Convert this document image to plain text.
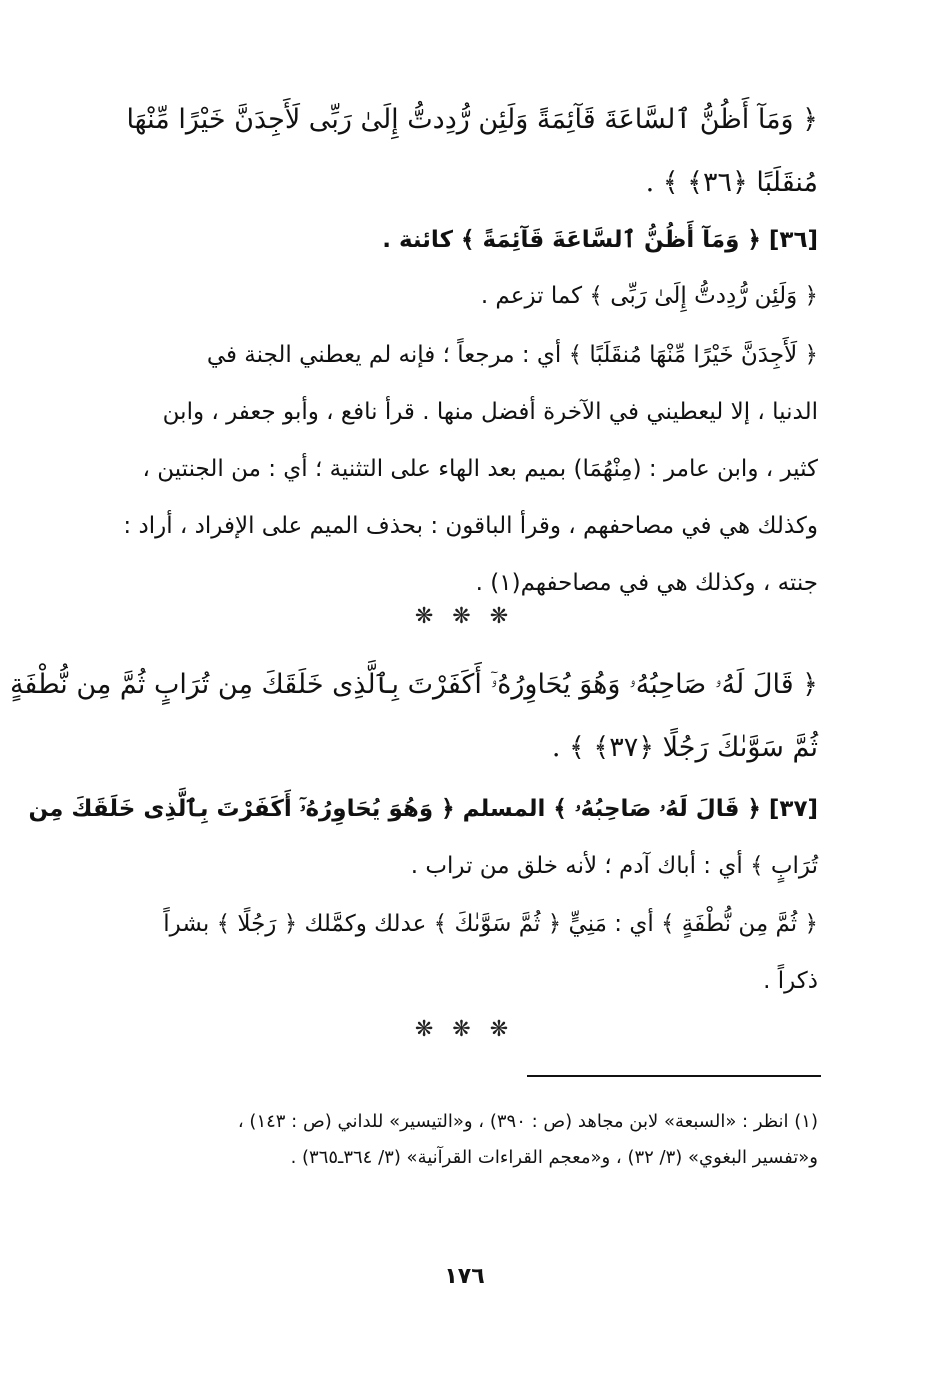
﴿ وَمَآ أَظُنُّ ٱلسَّاعَةَ قَآئِمَةً وَلَئِن رُّدِدتُّ إِلَىٰ رَبِّى لَأَجِدَنَّ خَيْرًا مِّنْهَا
مُنقَلَبًا ﴿٣٦﴾ ﴾ .

[٣٦] ﴿ وَمَآ أَظُنُّ ٱلسَّاعَةَ قَآئِمَةً ﴾ كائنة .

﴿ وَلَئِن رُّدِدتُّ إِلَىٰ رَبِّى ﴾ كما تزعم .

﴿ لَأَجِدَنَّ خَيْرًا مِّنْهَا مُنقَلَبًا ﴾ أي : مرجعاً ؛ فإنه لم يعطني الجنة في
الدنيا ، إلا ليعطيني في الآخرة أفضل منها . قرأ نافع ، وأبو جعفر ، وابن
كثير ، وابن عامر : (مِنْهُمَا) بميم بعد الهاء على التثنية ؛ أي : من الجنتين ،
وكذلك هي في مصاحفهم ، وقرأ الباقون : بحذف الميم على الإفراد ، أراد :
جنته ، وكذلك هي في مصاحفهم(١) .

❋ ❋ ❋

﴿ قَالَ لَهُۥ صَاحِبُهُۥ وَهُوَ يُحَاوِرُهُۥٓ أَكَفَرْتَ بِٱلَّذِى خَلَقَكَ مِن تُرَابٍ ثُمَّ مِن نُّطْفَةٍ
ثُمَّ سَوَّىٰكَ رَجُلًا ﴿٣٧﴾ ﴾ .

[٣٧] ﴿ قَالَ لَهُۥ صَاحِبُهُۥ ﴾ المسلم ﴿ وَهُوَ يُحَاوِرُهُۥٓ أَكَفَرْتَ بِٱلَّذِى خَلَقَكَ مِن
تُرَابٍ ﴾ أي : أباك آدم ؛ لأنه خلق من تراب .

﴿ ثُمَّ مِن نُّطْفَةٍ ﴾ أي : مَنِيٍّ ﴿ ثُمَّ سَوَّىٰكَ ﴾ عدلك وكمَّلك ﴿ رَجُلًا ﴾ بشراً
ذكراً .

❋ ❋ ❋

(١) انظر : «السبعة» لابن مجاهد (ص : ٣٩٠) ، و«التيسير» للداني (ص : ١٤٣) ،
و«تفسير البغوي» (٣/ ٣٢) ، و«معجم القراءات القرآنية» (٣/ ٣٦٤ـ٣٦٥) .

١٧٦
